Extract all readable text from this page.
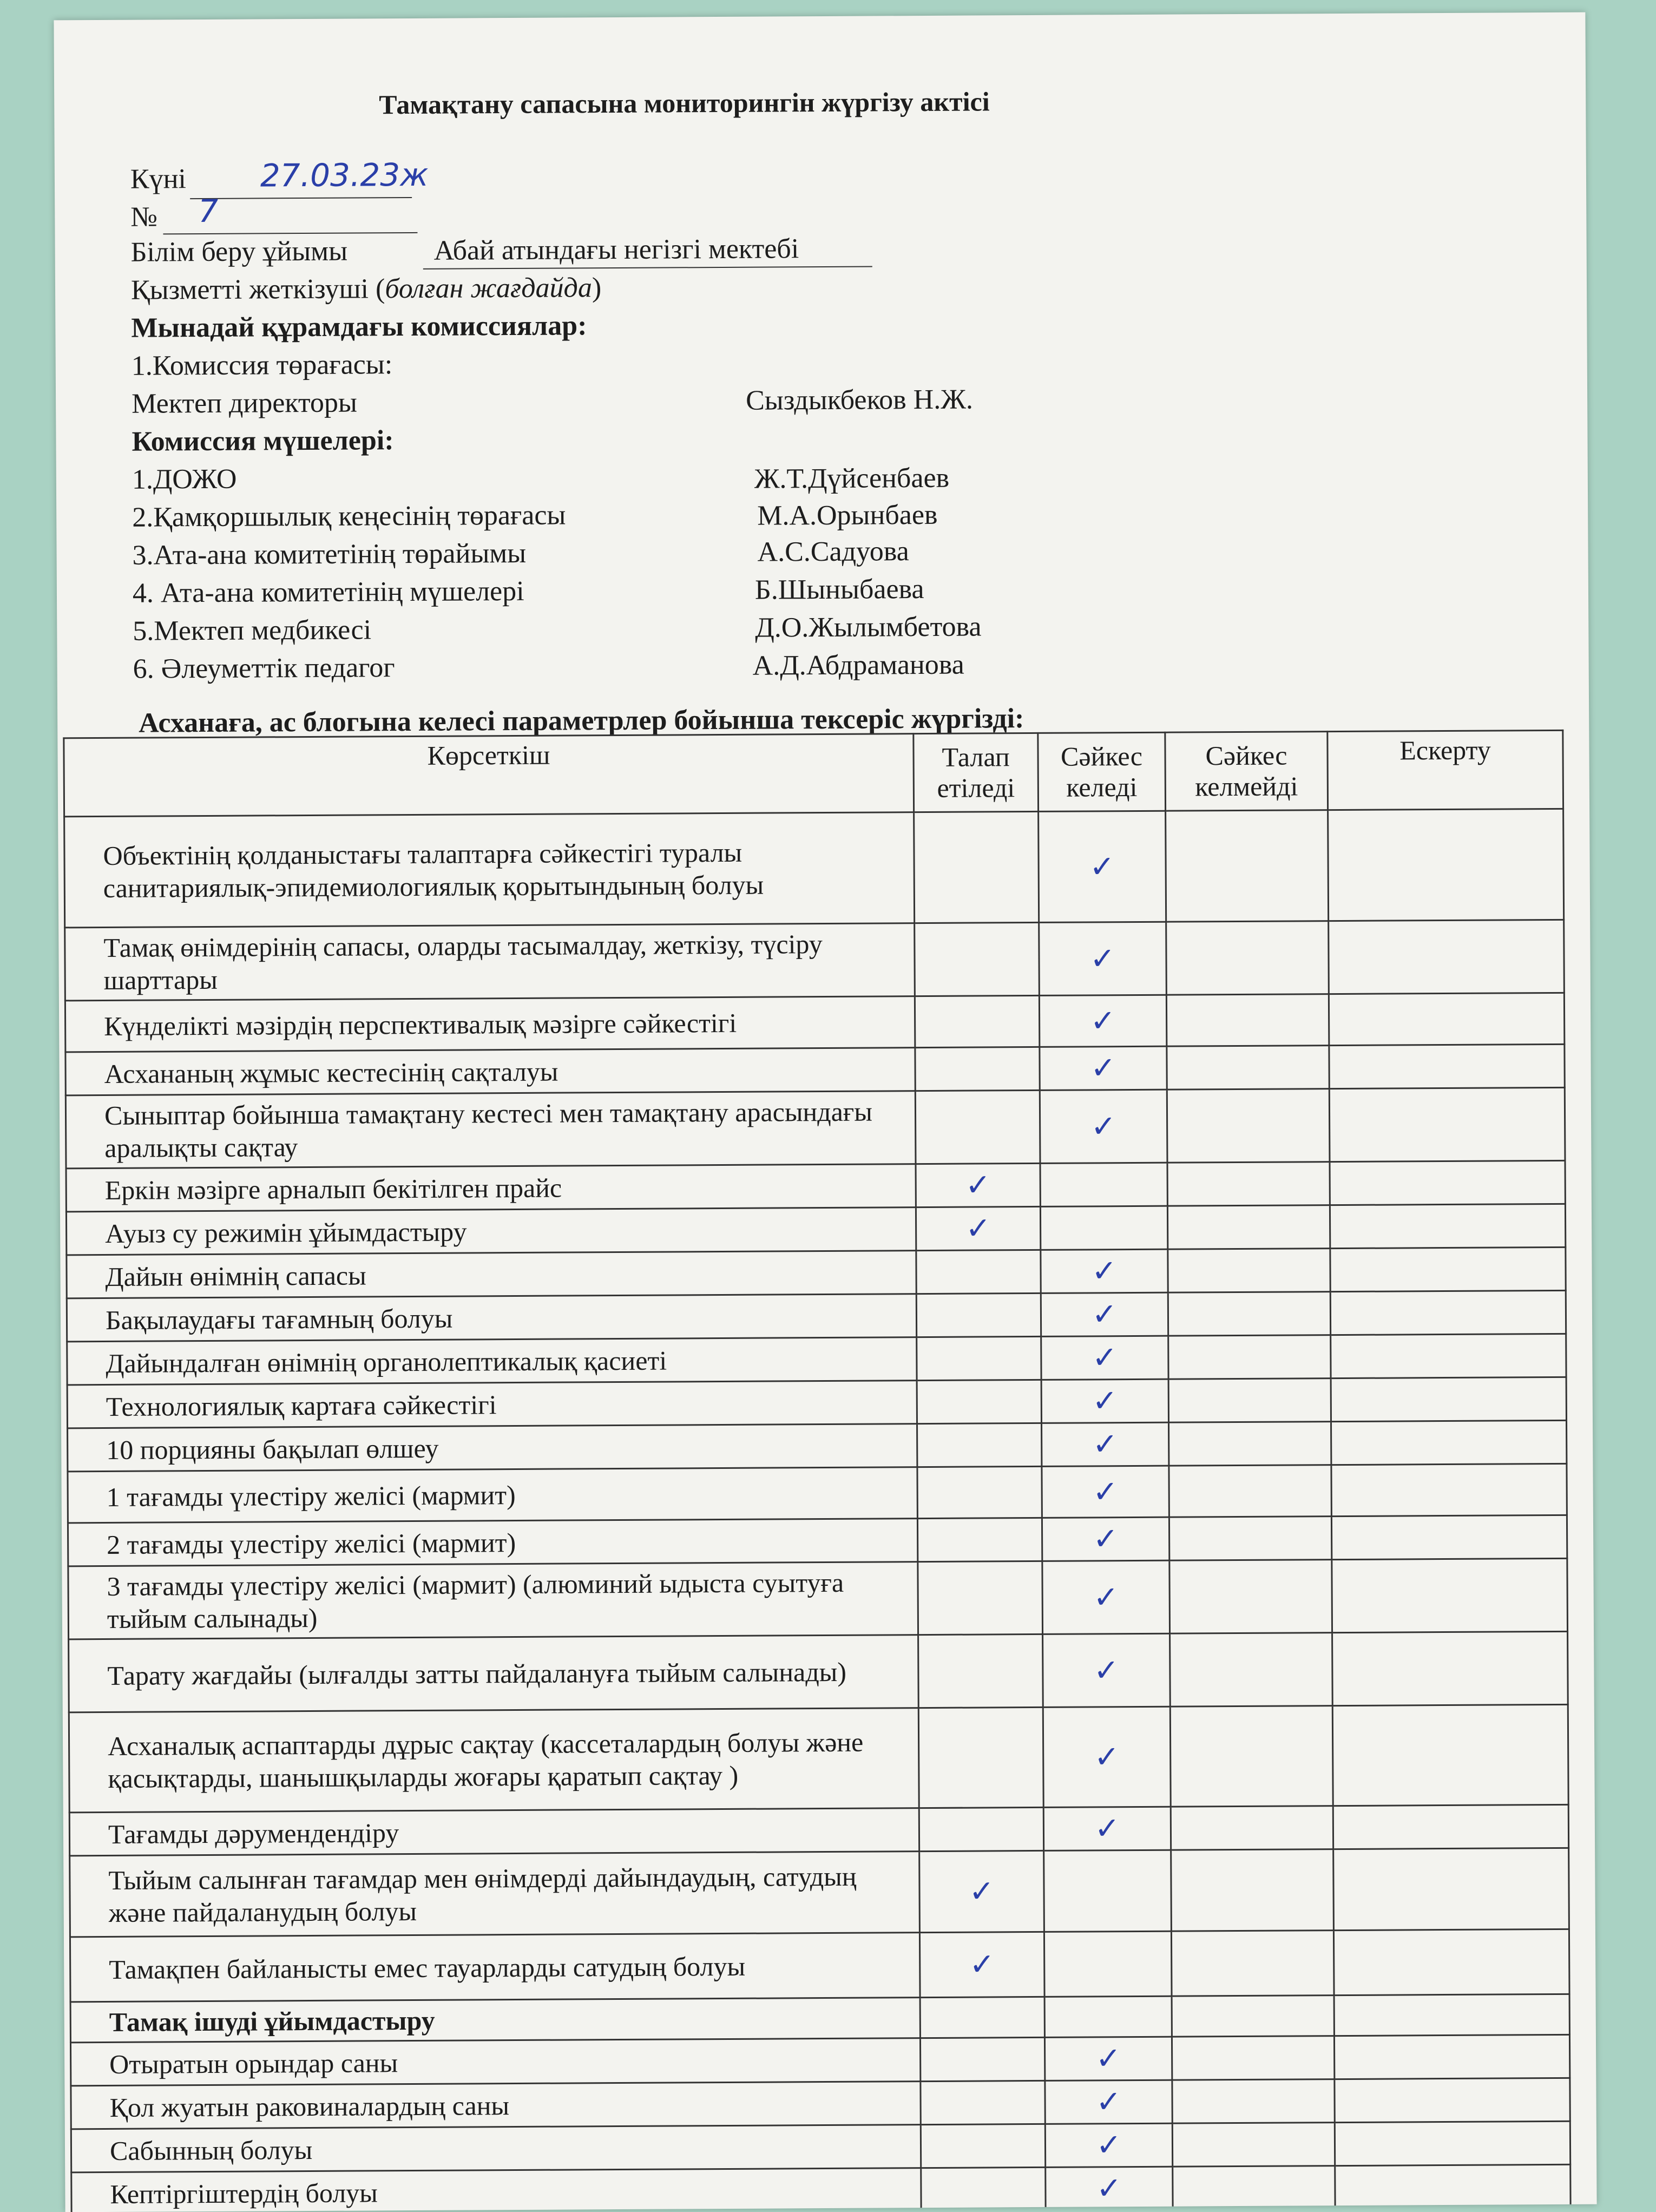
Тамақтану сапасына мониторингін жүргізу актісі
Күні 27.03.23ж
№ 7
Білім беру ұйымы	Абай атындағы негізгі мектебі
Қызметті жеткізуші (болған жағдайда)
Мынадай құрамдағы комиссиялар:
1.Комиссия төрағасы:
Мектеп директоры	Сыздыкбеков Н.Ж.
Комиссия мүшелері:
1.ДОЖО	Ж.Т.Дүйсенбаев
2.Қамқоршылық кеңесінің төрағасы	М.А.Орынбаев
3.Ата-ана комитетінің төрайымы	А.С.Садуова
4. Ата-ана комитетінің мүшелері	Б.Шыныбаева
5.Мектеп медбикесі	Д.О.Жылымбетова
6. Әлеуметтік педагог	А.Д.Абдраманова
Асханаға, ас блогына келесі параметрлер бойынша тексеріс жүргізді:
Көрсеткіш	Талап етіледі	Сәйкес келеді	Сәйкес келмейді	Ескерту
Объектінің қолданыстағы талаптарға сәйкестігі туралы санитариялық-эпидемиологиялық қорытындының болуы		✓		
Тамақ өнімдерінің сапасы, оларды тасымалдау, жеткізу, түсіру шарттары		✓		
Күнделікті мәзірдің перспективалық мәзірге сәйкестігі		✓		
Асхананың жұмыс кестесінің сақталуы		✓		
Сыныптар бойынша тамақтану кестесі мен тамақтану арасындағы аралықты сақтау		✓		
Еркін мәзірге арналып бекітілген прайс	✓			
Ауыз су режимін ұйымдастыру	✓			
Дайын өнімнің сапасы		✓		
Бақылаудағы тағамның болуы		✓		
Дайындалған өнімнің органолептикалық қасиеті		✓		
Технологиялық картаға сәйкестігі		✓		
10 порцияны бақылап өлшеу		✓		
1 тағамды үлестіру желісі (мармит)		✓		
2 тағамды үлестіру желісі (мармит)		✓		
3 тағамды үлестіру желісі (мармит) (алюминий ыдыста суытуға тыйым салынады)		✓		
Тарату жағдайы (ылғалды затты пайдалануға тыйым салынады)		✓		
Асханалық аспаптарды дұрыс сақтау (кассеталардың болуы және қасықтарды, шанышқыларды жоғары қаратып сақтау )		✓		
Тағамды дәрумендендіру		✓		
Тыйым салынған тағамдар мен өнімдерді дайындаудың, сатудың және пайдаланудың болуы	✓			
Тамақпен байланысты емес тауарларды сатудың болуы	✓			
Тамақ ішуді ұйымдастыру				
Отыратын орындар саны		✓		
Қол жуатын раковиналардың саны		✓		
Сабынның болуы		✓		
Кептіргіштердің болуы		✓		
